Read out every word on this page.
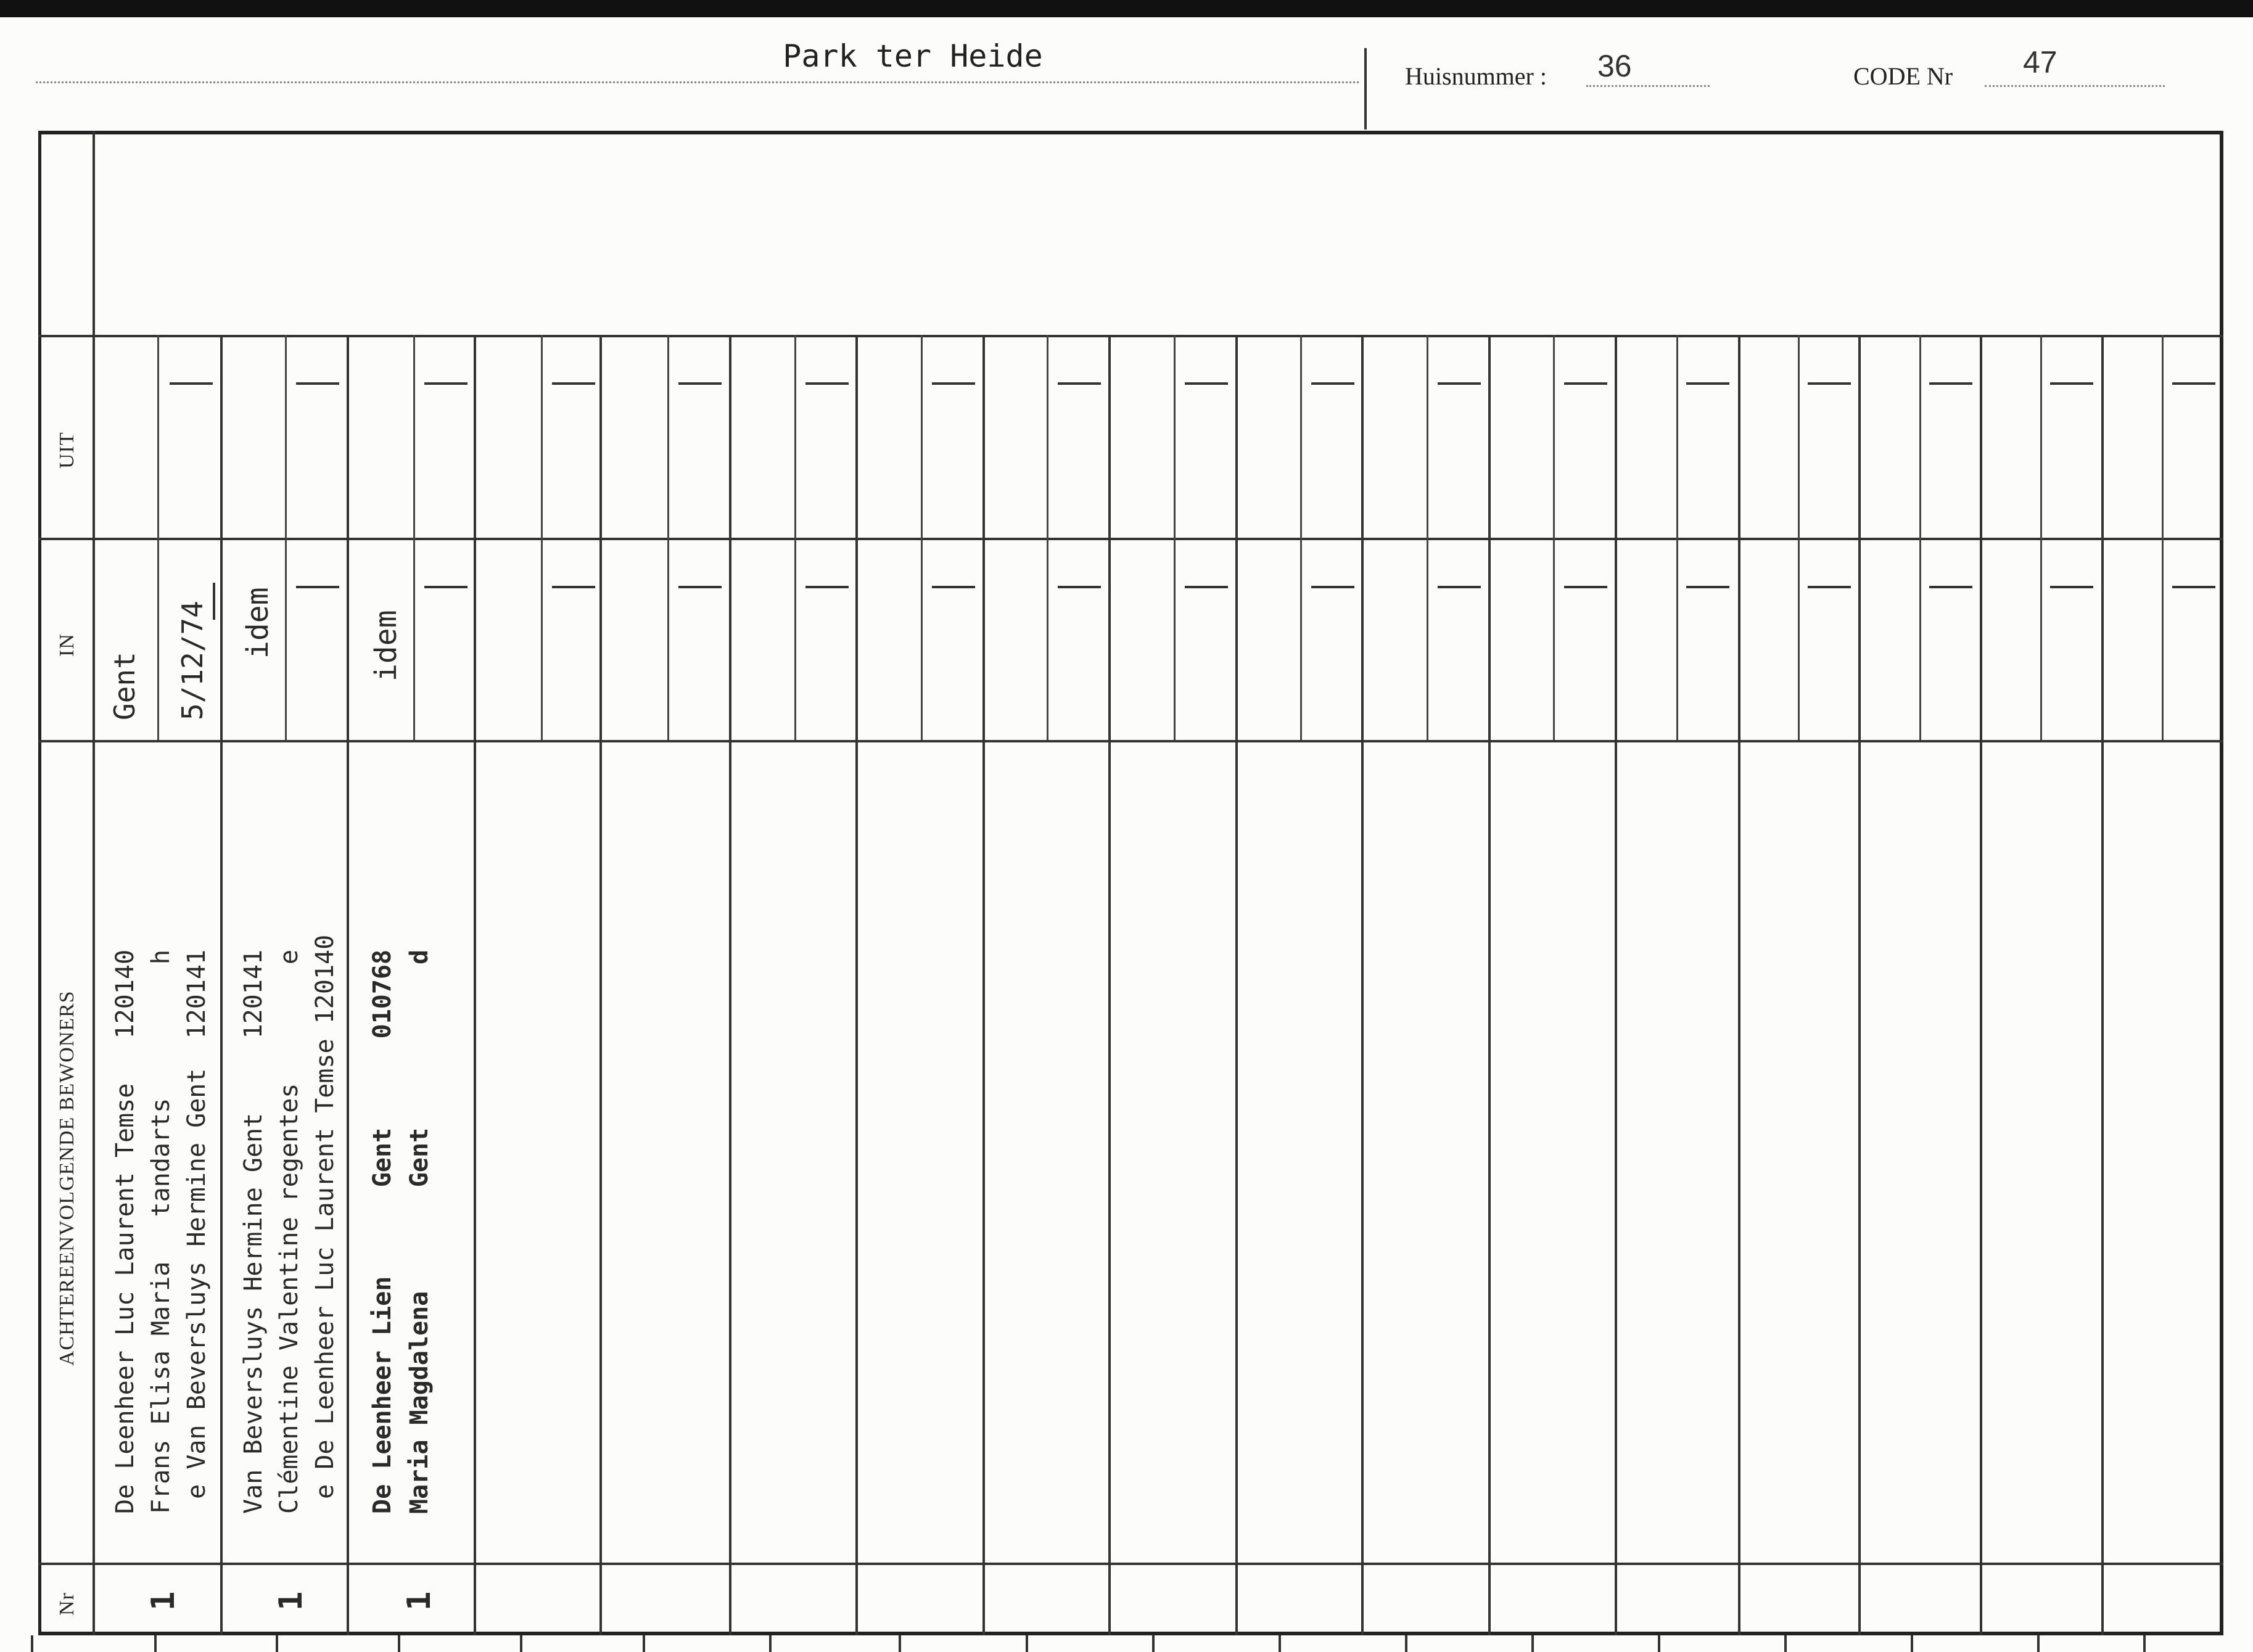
Park ter Heide
Huisnummer : 36	CODE Nr 47
UIT
IN
ACHTEREENVOLGENDE BEWONERS
Nr
Gent 5/12/74
De Leenheer Luc Laurent Temse   120140 Frans Elisa Maria   tandarts         h e Van Beversluys Hermine Gent  120141
1
idem
Van Beversluys Hermine Gent     120141 Clémentine Valentine regentes        e e De Leenheer Luc Laurent Temse 120140
1
idem
De Leenheer Lien      Gent      010768 Maria Magdalena       Gent           d
1
